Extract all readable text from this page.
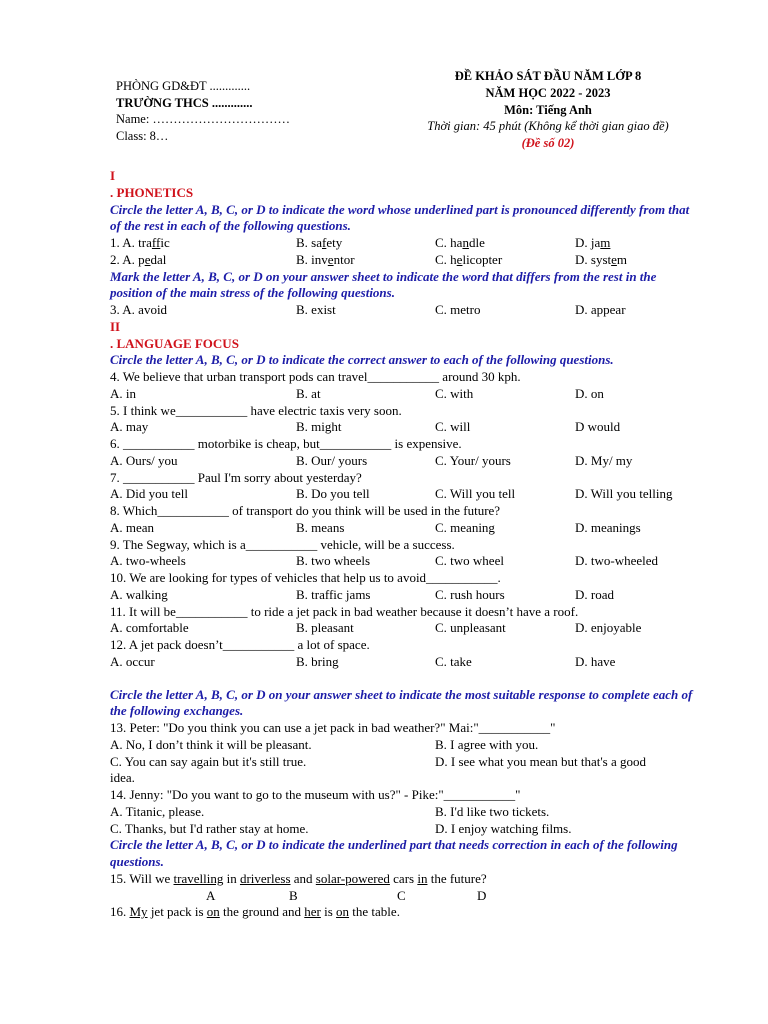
PHÒNG GD&ĐT .............
TRƯỜNG THCS .............
Name: ……………………………
Class: 8…
ĐỀ KHẢO SÁT ĐẦU NĂM LỚP 8
NĂM HỌC 2022 - 2023
Môn: Tiếng Anh
Thời gian: 45 phút (Không kể thời gian giao đề)
(Đề số 02)
I
. PHONETICS
Circle the letter A, B, C, or D to indicate the word whose underlined part is pronounced differently from that of the rest in each of the following questions.
1. A. traffic	B. safety	C. handle	D. jam
2. A. pedal	B. inventor	C. helicopter	D. system
Mark the letter A, B, C, or D on your answer sheet to indicate the word that differs from the rest in the position of the main stress of the following questions.
3. A. avoid	B. exist	C. metro	D. appear
II
. LANGUAGE FOCUS
Circle the letter A, B, C, or D to indicate the correct answer to each of the following questions.
4. We believe that urban transport pods can travel___________ around 30 kph.
A. in	B. at	C. with	D. on
5. I think we___________ have electric taxis very soon.
A. may	B. might	C. will	D would
6. ___________ motorbike is cheap, but___________ is expensive.
A. Ours/ you	B. Our/ yours	C. Your/ yours	D. My/ my
7. ___________ Paul I'm sorry about yesterday?
A. Did you tell	B. Do you tell	C. Will you tell	D. Will you telling
8. Which___________ of transport do you think will be used in the future?
A. mean	B. means	C. meaning	D. meanings
9. The Segway, which is a___________ vehicle, will be a success.
A. two-wheels	B. two wheels	C. two wheel	D. two-wheeled
10. We are looking for types of vehicles that help us to avoid___________.
A. walking	B. traffic jams	C. rush hours	D. road
11. It will be___________ to ride a jet pack in bad weather because it doesn’t have a roof.
A. comfortable	B. pleasant	C. unpleasant	D. enjoyable
12. A jet pack doesn’t___________ a lot of space.
A. occur	B. bring	C. take	D. have
Circle the letter A, B, C, or D on your answer sheet to indicate the most suitable response to complete each of the following exchanges.
13. Peter: "Do you think you can use a jet pack in bad weather?" Mai:"___________"
A. No, I don’t think it will be pleasant.	B. I agree with you.
C. You can say again but it's still true.	D. I see what you mean but that's a good
idea.
14. Jenny: "Do you want to go to the museum with us?" - Pike:"___________"
A. Titanic, please.	B. I'd like two tickets.
C. Thanks, but I'd rather stay at home.	D. I enjoy watching films.
Circle the letter A, B, C, or D to indicate the underlined part that needs correction in each of the following questions.
15. Will we travelling in driverless and solar-powered cars in the future?
A	B	C	D
16. My jet pack is on the ground and her is on the table.
